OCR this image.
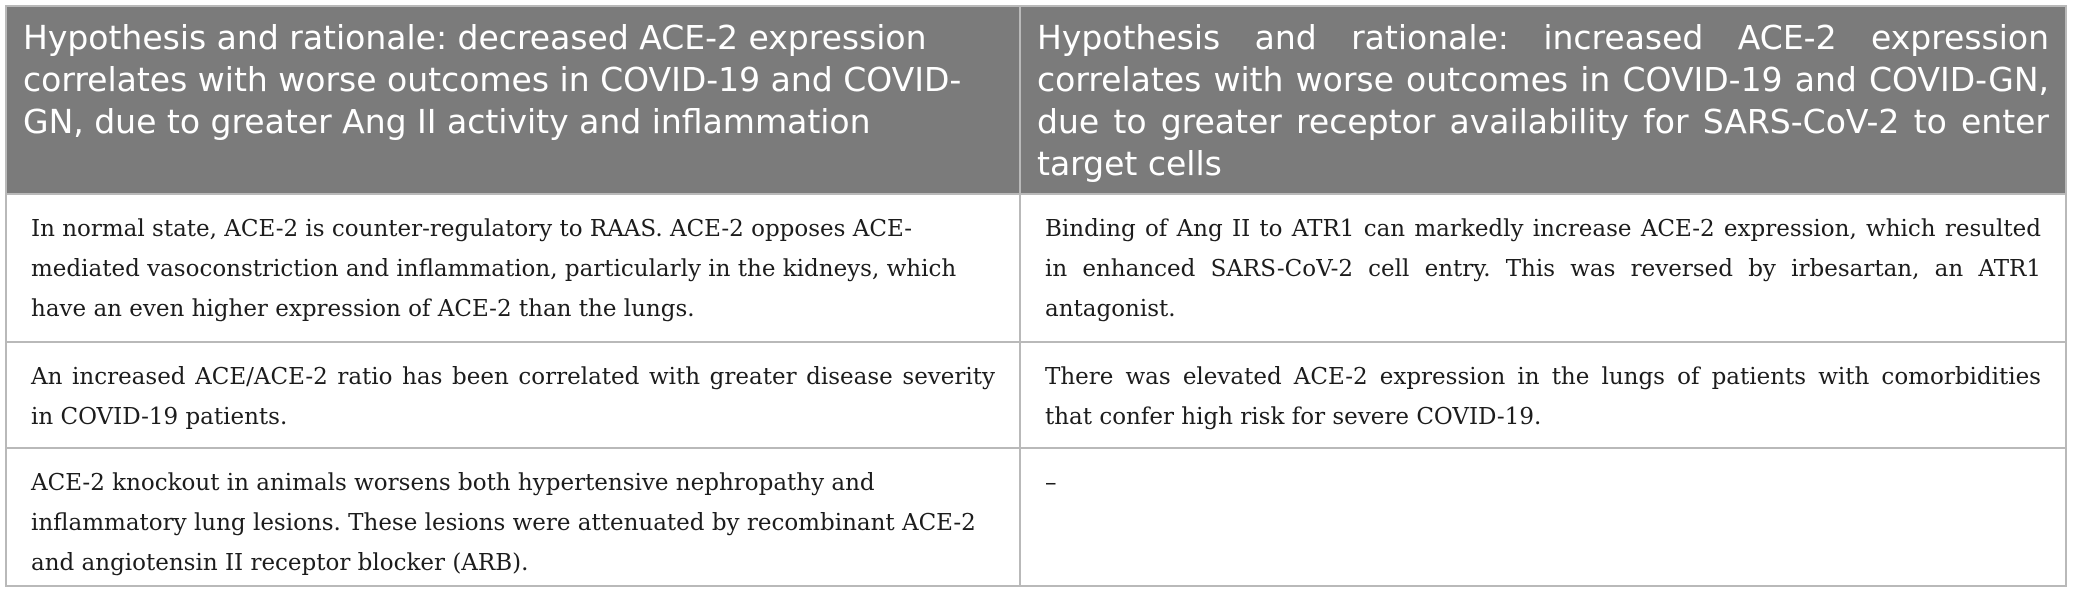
Hypothesis and rationale: decreased ACE-2 expression correlates with worse outcomes in COVID-19 and COVID-GN, due to greater Ang II activity and inflammation	Hypothesis and rationale: increased ACE-2 expression correlates with worse outcomes in COVID-19 and COVID-GN, due to greater receptor availability for SARS-CoV-2 to enter target cells
In normal state, ACE-2 is counter-regulatory to RAAS. ACE-2 opposes ACE-mediated vasoconstriction and inflammation, particularly in the kidneys, which have an even higher expression of ACE-2 than the lungs.	Binding of Ang II to ATR1 can markedly increase ACE-2 expression, which resulted in enhanced SARS-CoV-2 cell entry. This was reversed by irbesartan, an ATR1 antagonist.
An increased ACE/ACE-2 ratio has been correlated with greater disease severity in COVID-19 patients.	There was elevated ACE-2 expression in the lungs of patients with comorbidities that confer high risk for severe COVID-19.
ACE-2 knockout in animals worsens both hypertensive nephropathy and inflammatory lung lesions. These lesions were attenuated by recombinant ACE-2 and angiotensin II receptor blocker (ARB).	–
